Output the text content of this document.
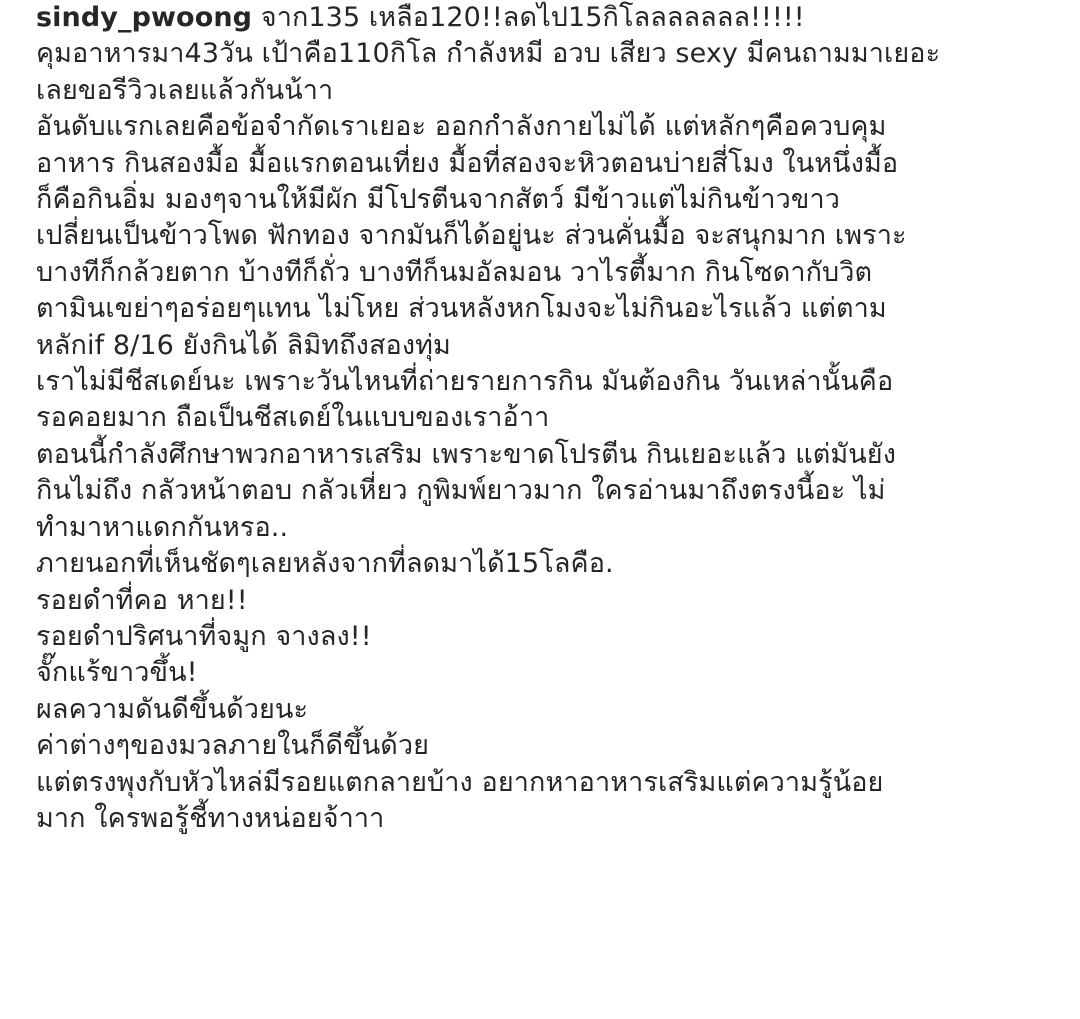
sindy_pwoong จาก135 เหลือ120!!ลดไป15กิโลลลลลลล!!!!!
คุมอาหารมา43วัน เป้าคือ110กิโล กำลังหมี อวบ เสียว sexy มีคนถามมาเยอะ
เลยขอรีวิวเลยแล้วกันน้าา
อันดับแรกเลยคือข้อจำกัดเราเยอะ ออกกำลังกายไม่ได้ แต่หลักๆคือควบคุม
อาหาร กินสองมื้อ มื้อแรกตอนเที่ยง มื้อที่สองจะหิวตอนบ่ายสี่โมง ในหนึ่งมื้อ
ก็คือกินอิ่ม มองๆจานให้มีผัก มีโปรตีนจากสัตว์ มีข้าวแต่ไม่กินข้าวขาว
เปลี่ยนเป็นข้าวโพด ฟักทอง จากมันก็ได้อยู่นะ ส่วนคั่นมื้อ จะสนุกมาก เพราะ
บางทีก็กล้วยตาก บ้างทีก็ถั่ว บางทีก็นมอัลมอน วาไรตี้มาก กินโซดากับวิต
ตามินเขย่าๆอร่อยๆแทน ไม่โหย ส่วนหลังหกโมงจะไม่กินอะไรแล้ว แต่ตาม
หลักif 8/16 ยังกินได้ ลิมิทถึงสองทุ่ม
เราไม่มีชีสเดย์นะ เพราะวันไหนที่ถ่ายรายการกิน มันต้องกิน วันเหล่านั้นคือ
รอคอยมาก ถือเป็นชีสเดย์ในแบบของเราอ้าา
ตอนนี้กำลังศึกษาพวกอาหารเสริม เพราะขาดโปรตีน กินเยอะแล้ว แต่มันยัง
กินไม่ถึง กลัวหน้าตอบ กลัวเหี่ยว กูพิมพ์ยาวมาก ใครอ่านมาถึงตรงนี้อะ ไม่
ทำมาหาแดกกันหรอ..
ภายนอกที่เห็นชัดๆเลยหลังจากที่ลดมาได้15โลคือ.
รอยดำที่คอ หาย!!
รอยดำปริศนาที่จมูก จางลง!!
จั๊กแร้ขาวขึ้น!
ผลความดันดีขึ้นด้วยนะ
ค่าต่างๆของมวลภายในก็ดีขึ้นด้วย
แต่ตรงพุงกับหัวไหล่มีรอยแตกลายบ้าง อยากหาอาหารเสริมแต่ความรู้น้อย
มาก ใครพอรู้ชี้ทางหน่อยจ้าาา
